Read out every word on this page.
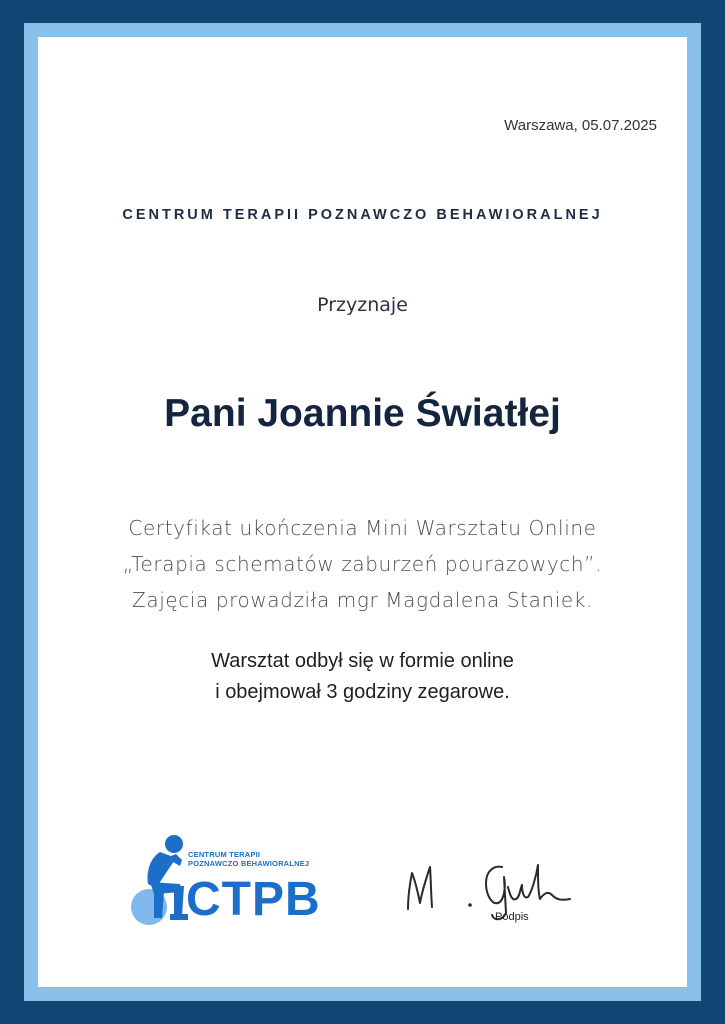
Warszawa, 05.07.2025
CENTRUM TERAPII POZNAWCZO BEHAWIORALNEJ
Przyznaje
Pani Joannie Światłej
Certyfikat ukończenia Mini Warsztatu Online
„Terapia schematów zaburzeń pourazowych”.
Zajęcia prowadziła mgr Magdalena Staniek.
Warsztat odbył się w formie online
i obejmował 3 godziny zegarowe.
CENTRUM TERAPII
POZNAWCZO BEHAWIORALNEJ
CTPB	Podpis
